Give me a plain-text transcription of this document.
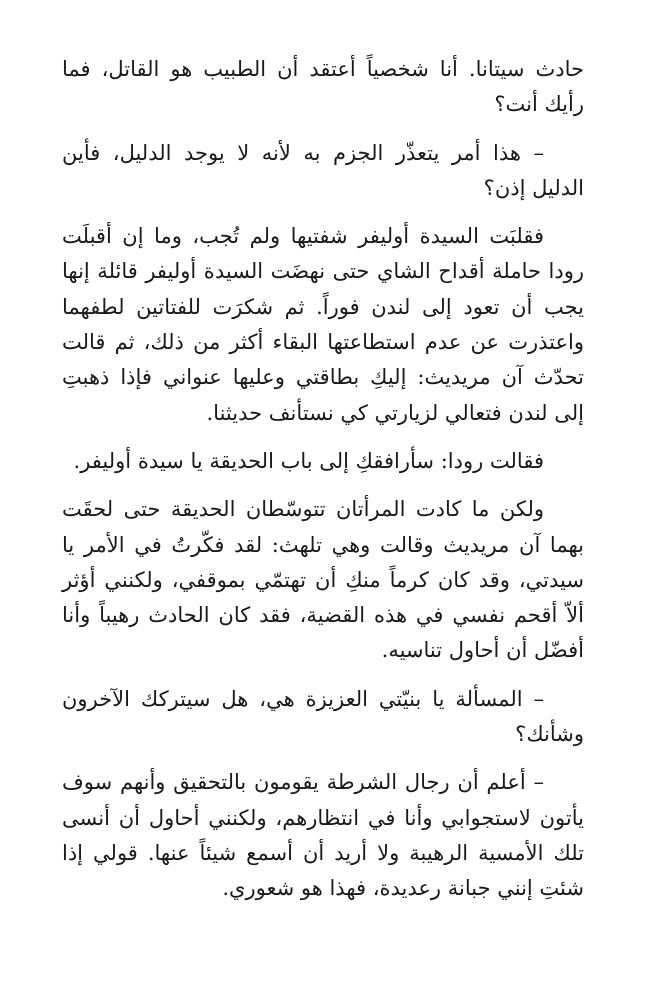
حادث سيتانا. أنا شخصياً أعتقد أن الطبيب هو القاتل، فما رأيك أنت؟

– هذا أمر يتعذّر الجزم به لأنه لا يوجد الدليل، فأين الدليل إذن؟

فقلبَت السيدة أوليفر شفتيها ولم تُجب، وما إن أقبلَت رودا حاملة أقداح الشاي حتى نهضَت السيدة أوليفر قائلة إنها يجب أن تعود إلى لندن فوراً. ثم شكرَت للفتاتين لطفهما واعتذرت عن عدم استطاعتها البقاء أكثر من ذلك، ثم قالت تحدّث آن مريديث: إليكِ بطاقتي وعليها عنواني فإذا ذهبتِ إلى لندن فتعالي لزيارتي كي نستأنف حديثنا.

فقالت رودا: سأرافقكِ إلى باب الحديقة يا سيدة أوليفر.

ولكن ما كادت المرأتان تتوسّطان الحديقة حتى لحقَت بهما آن مريديث وقالت وهي تلهث: لقد فكّرتُ في الأمر يا سيدتي، وقد كان كرماً منكِ أن تهتمّي بموقفي، ولكنني أؤثر ألاّ أقحم نفسي في هذه القضية، فقد كان الحادث رهيباً وأنا أفضّل أن أحاول تناسيه.

– المسألة يا بنيّتي العزيزة هي، هل سيتركك الآخرون وشأنك؟

– أعلم أن رجال الشرطة يقومون بالتحقيق وأنهم سوف يأتون لاستجوابي وأنا في انتظارهم، ولكنني أحاول أن أنسى تلك الأمسية الرهيبة ولا أريد أن أسمع شيئاً عنها. قولي إذا شئتِ إنني جبانة رعديدة، فهذا هو شعوري.
